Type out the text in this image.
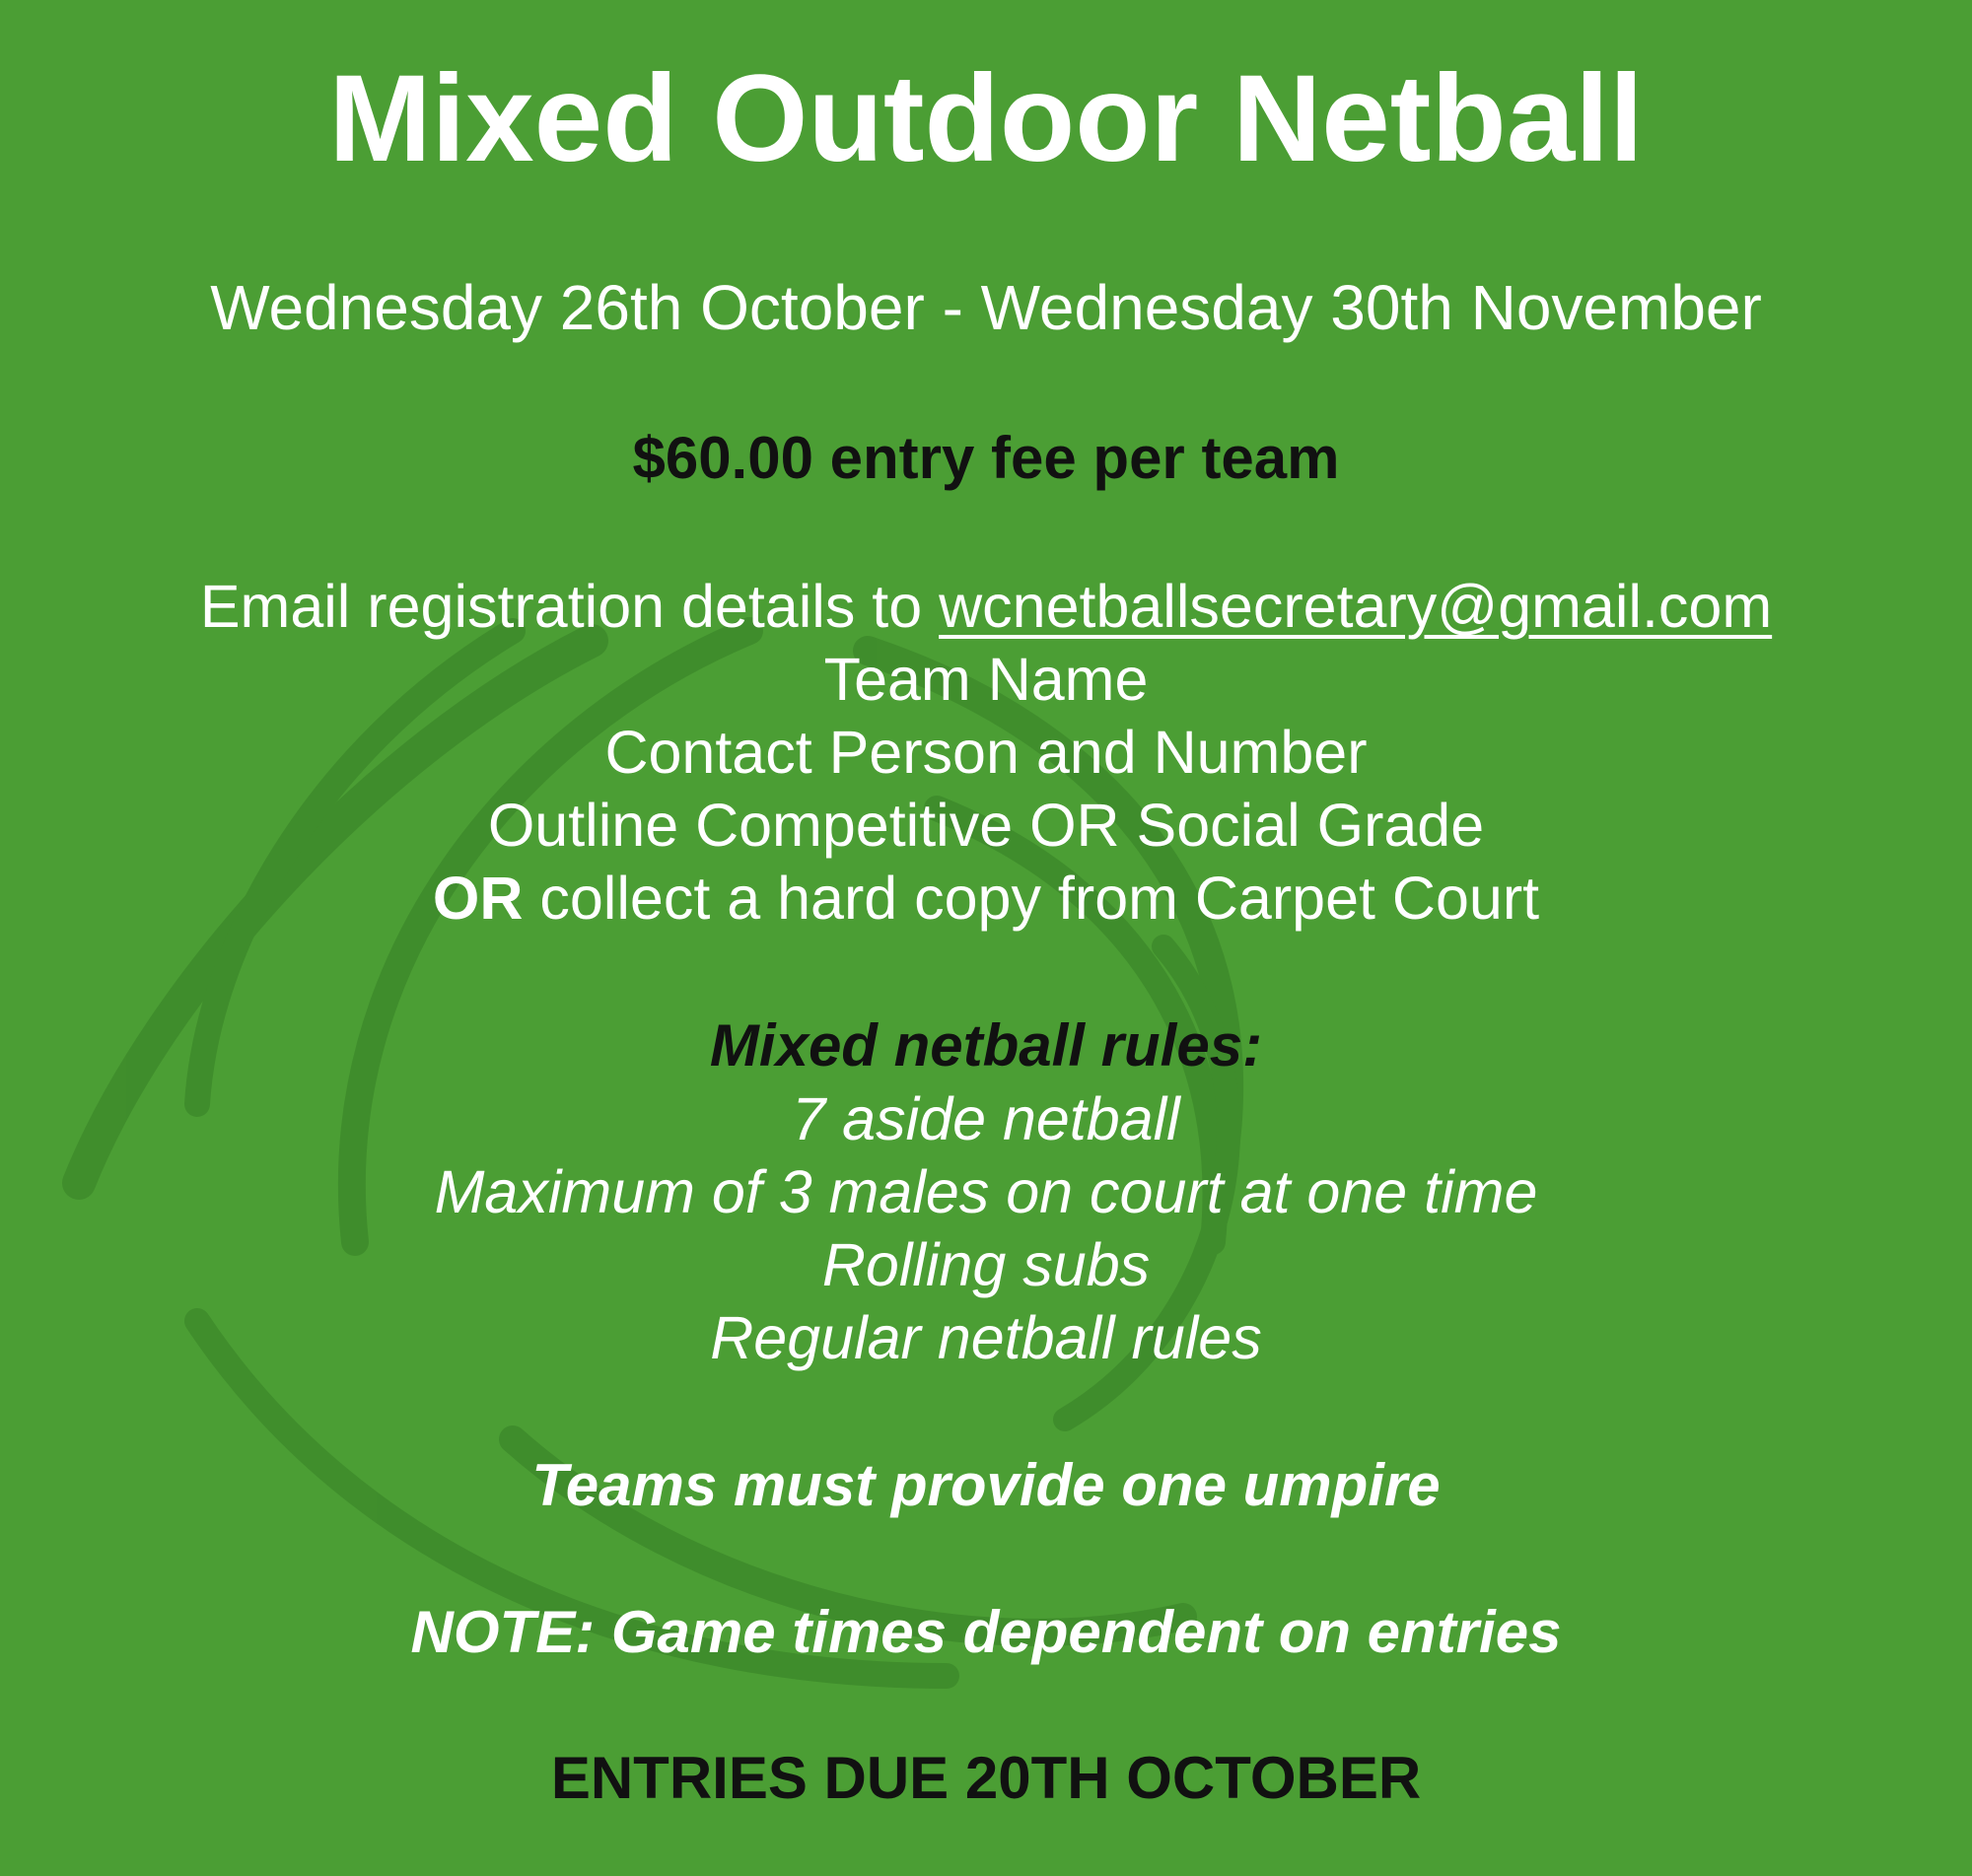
Mixed Outdoor Netball
Wednesday 26th October - Wednesday 30th November
$60.00 entry fee per team
Email registration details to wcnetballsecretary@gmail.com
Team Name
Contact Person and Number
Outline Competitive OR Social Grade
OR collect a hard copy from Carpet Court
Mixed netball rules:
7 aside netball
Maximum of 3 males on court at one time
Rolling subs
Regular netball rules
Teams must provide one umpire
NOTE: Game times dependent on entries
ENTRIES DUE 20TH OCTOBER
